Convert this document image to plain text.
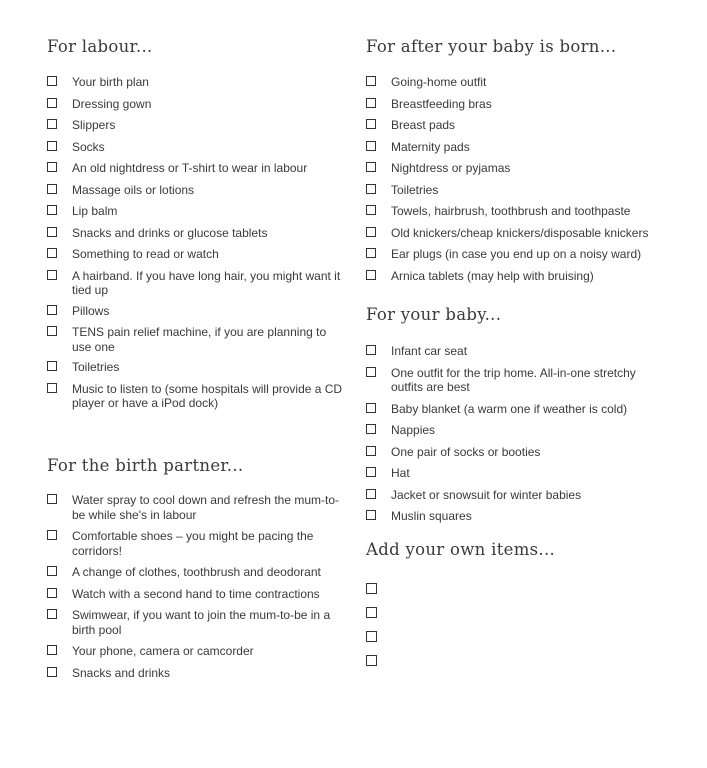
For labour...
Your birth plan
Dressing gown
Slippers
Socks
An old nightdress or T-shirt to wear in labour
Massage oils or lotions
Lip balm
Snacks and drinks or glucose tablets
Something to read or watch
A hairband. If you have long hair, you might want it tied up
Pillows
TENS pain relief machine, if you are planning to use one
Toiletries
Music to listen to (some hospitals will provide a CD player or have a iPod dock)
For the birth partner...
Water spray to cool down and refresh the mum-to-be while she's in labour
Comfortable shoes – you might be pacing the corridors!
A change of clothes, toothbrush and deodorant
Watch with a second hand to time contractions
Swimwear, if you want to join the mum-to-be in a birth pool
Your phone, camera or camcorder
Snacks and drinks
For after your baby is born...
Going-home outfit
Breastfeeding bras
Breast pads
Maternity pads
Nightdress or pyjamas
Toiletries
Towels, hairbrush, toothbrush and toothpaste
Old knickers/cheap knickers/disposable knickers
Ear plugs (in case you end up on a noisy ward)
Arnica tablets (may help with bruising)
For your baby...
Infant car seat
One outfit for the trip home. All-in-one stretchy outfits are best
Baby blanket (a warm one if weather is cold)
Nappies
One pair of socks or booties
Hat
Jacket or snowsuit for winter babies
Muslin squares
Add your own items...
